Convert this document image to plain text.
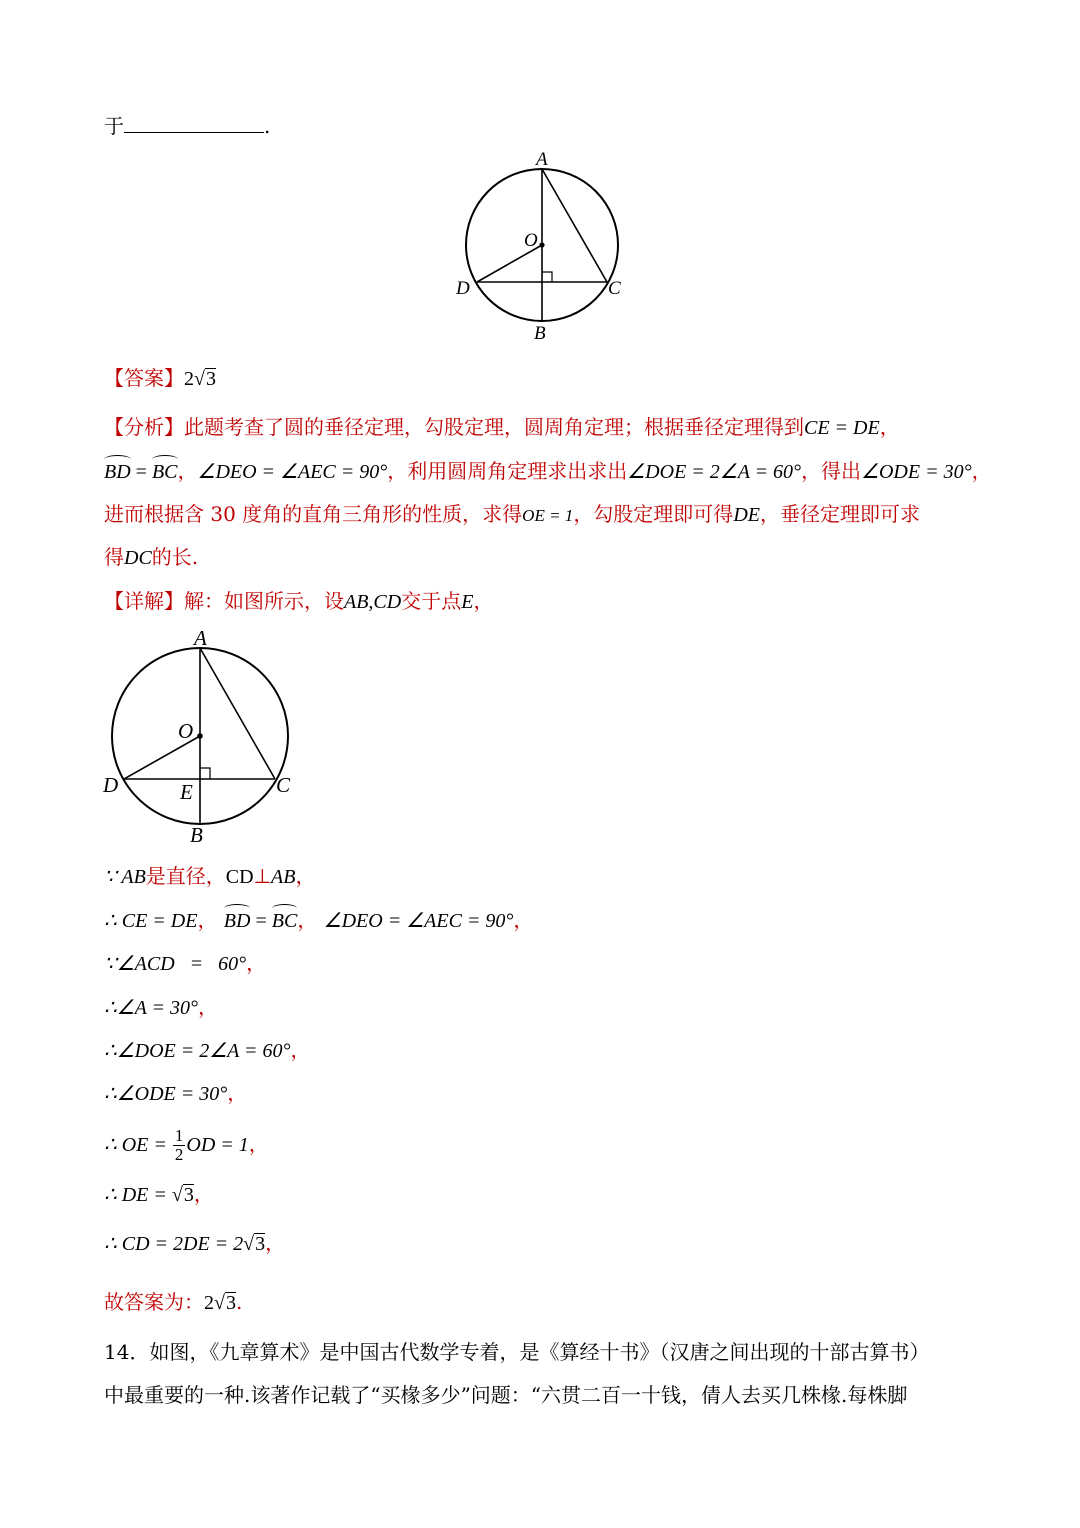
于	.
A
O
D	C
B
【答案】2√3
【分析】此题考查了圆的垂径定理，勾股定理，圆周角定理；根据垂径定理得到CE = DE，
BD = BC，∠DEO = ∠AEC = 90°，利用圆周角定理求出求出∠DOE = 2∠A = 60°，得出∠ODE = 30°，
进而根据含 30 度角的直角三角形的性质，求得OE = 1，勾股定理即可得DE，垂径定理即可求
得DC的长.
【详解】解：如图所示，设AB,CD交于点E，
A
O
D	C
E
B
∵ AB是直径，CD⊥AB，
∴ CE = DE， BD = BC， ∠DEO = ∠AEC = 90°，
∵∠ACD   =   60°，
∴∠A = 30°，
∴∠DOE = 2∠A = 60°，
∴∠ODE = 30°，
∴ OE = $\frac{1}{2}$ OD = 1，
∴ DE = √3，
∴ CD = 2DE = 2√3，
故答案为：2√3.
14．如图，《九章算术》是中国古代数学专着，是《算经十书》（汉唐之间出现的十部古算书）
中最重要的一种.该著作记载了“买椽多少”问题：“六贯二百一十钱，倩人去买几株椽.每株脚
